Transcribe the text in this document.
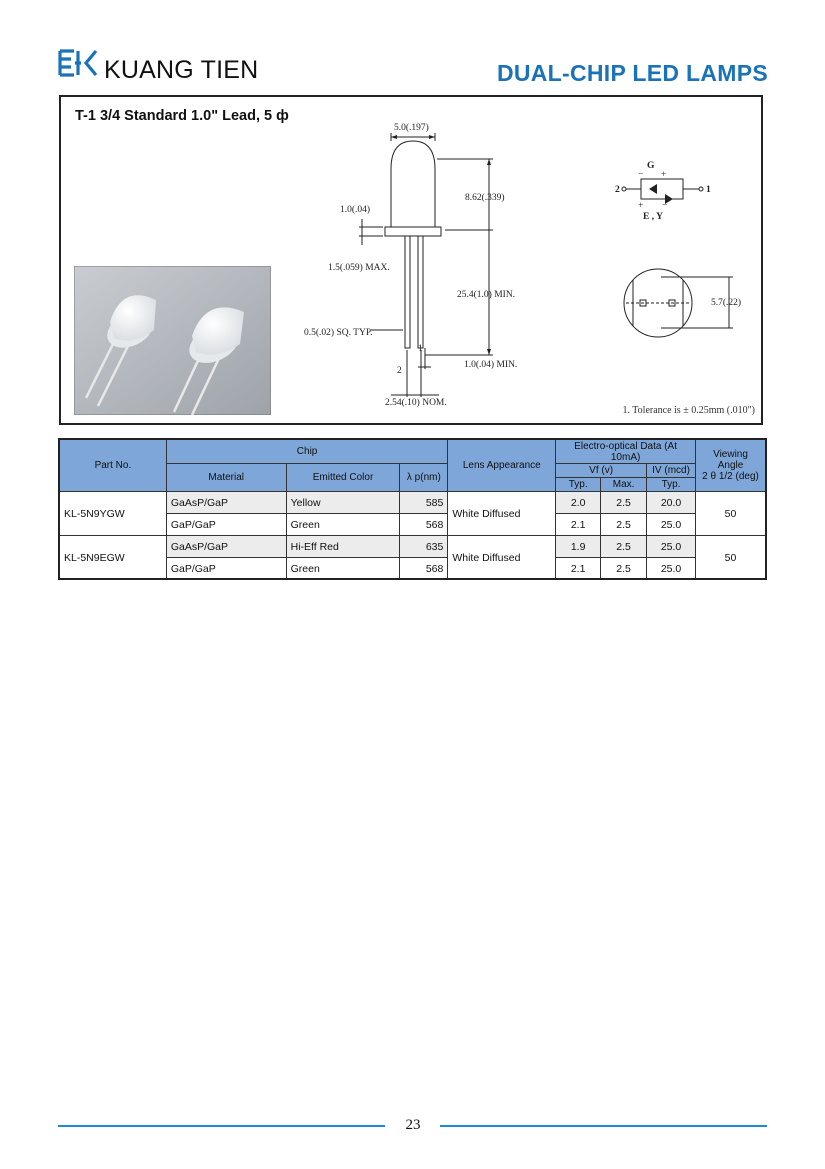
KUANG TIEN	DUAL-CHIP LED LAMPS
T-1 3/4 Standard 1.0" Lead, 5 ф
5.0(.197)
8.62(.339)
1.0(.04)
1.5(.059) MAX.
25.4(1.0) MIN.
0.5(.02) SQ. TYP.
1.0(.04) MIN.
1
2
2.54(.10) NOM.
5.7(.22)
G
E , Y
2	1
− +
+ −
1. Tolerance is ± 0.25mm (.010")
Part No.	Chip			Lens Appearance	Electro-optical Data (At 10mA)			Viewing Angle
2 θ 1/2 (deg)
	Material	Emitted Color	λ p(nm)		Vf (v)		IV (mcd)	
					Typ.	Max.	Typ.	
KL-5N9YGW	GaAsP/GaP	Yellow	585	White Diffused	2.0	2.5	20.0	50
	GaP/GaP	Green	568		2.1	2.5	25.0	
KL-5N9EGW	GaAsP/GaP	Hi-Eff Red	635	White Diffused	1.9	2.5	25.0	50
	GaP/GaP	Green	568		2.1	2.5	25.0	
23
